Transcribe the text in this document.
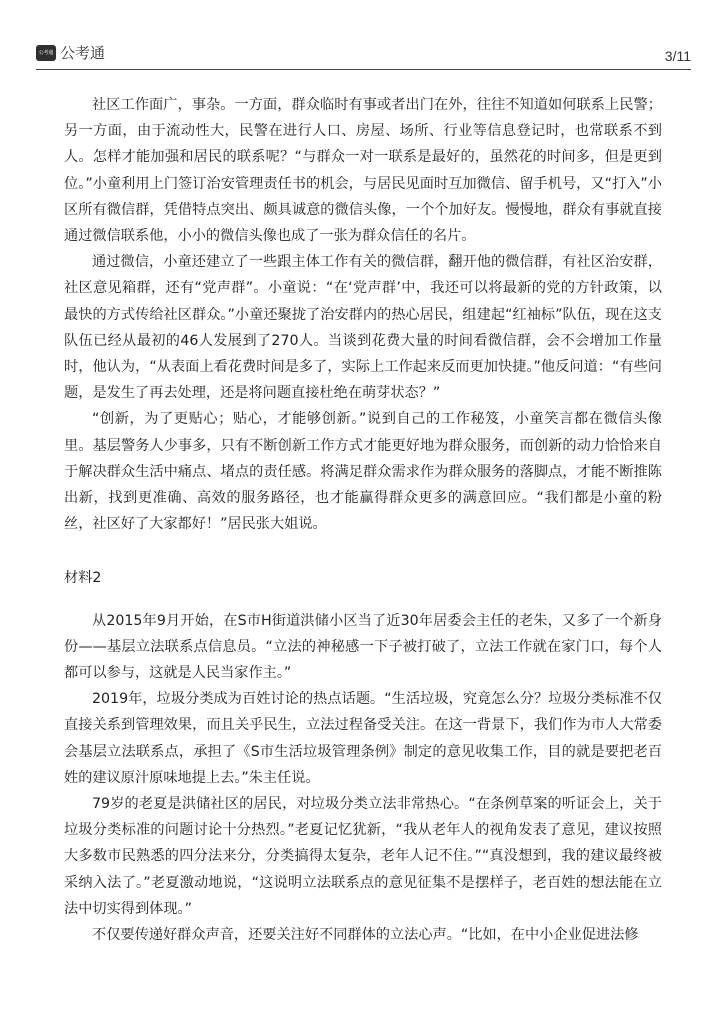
公考通 公考通	3/11

社区工作面广，事杂。一方面，群众临时有事或者出门在外，往往不知道如何联系上民警；另一方面，由于流动性大，民警在进行人口、房屋、场所、行业等信息登记时，也常联系不到人。怎样才能加强和居民的联系呢？“与群众一对一联系是最好的，虽然花的时间多，但是更到位。”小童利用上门签订治安管理责任书的机会，与居民见面时互加微信、留手机号，又“打入”小区所有微信群，凭借特点突出、颇具诚意的微信头像，一个个加好友。慢慢地，群众有事就直接通过微信联系他，小小的微信头像也成了一张为群众信任的名片。

通过微信，小童还建立了一些跟主体工作有关的微信群，翻开他的微信群，有社区治安群，社区意见箱群，还有“党声群”。小童说：“在‘党声群’中，我还可以将最新的党的方针政策，以最快的方式传给社区群众。”小童还聚拢了治安群内的热心居民，组建起“红袖标”队伍，现在这支队伍已经从最初的46人发展到了270人。当谈到花费大量的时间看微信群，会不会增加工作量时，他认为，“从表面上看花费时间是多了，实际上工作起来反而更加快捷。”他反问道：“有些问题，是发生了再去处理，还是将问题直接杜绝在萌芽状态？”

“创新，为了更贴心；贴心，才能够创新。”说到自己的工作秘笈，小童笑言都在微信头像里。基层警务人少事多，只有不断创新工作方式才能更好地为群众服务，而创新的动力恰恰来自于解决群众生活中痛点、堵点的责任感。将满足群众需求作为群众服务的落脚点，才能不断推陈出新，找到更准确、高效的服务路径，也才能赢得群众更多的满意回应。“我们都是小童的粉丝，社区好了大家都好！”居民张大姐说。

材料2

从2015年9月开始，在S市H街道洪储小区当了近30年居委会主任的老朱，又多了一个新身份——基层立法联系点信息员。“立法的神秘感一下子被打破了，立法工作就在家门口，每个人都可以参与，这就是人民当家作主。”

2019年，垃圾分类成为百姓讨论的热点话题。“生活垃圾，究竟怎么分？垃圾分类标准不仅直接关系到管理效果，而且关乎民生，立法过程备受关注。在这一背景下，我们作为市人大常委会基层立法联系点，承担了《S市生活垃圾管理条例》制定的意见收集工作，目的就是要把老百姓的建议原汁原味地提上去。”朱主任说。

79岁的老夏是洪储社区的居民，对垃圾分类立法非常热心。“在条例草案的听证会上，关于垃圾分类标准的问题讨论十分热烈。”老夏记忆犹新，“我从老年人的视角发表了意见，建议按照大多数市民熟悉的四分法来分，分类搞得太复杂，老年人记不住。”“真没想到，我的建议最终被采纳入法了。”老夏激动地说，“这说明立法联系点的意见征集不是摆样子，老百姓的想法能在立法中切实得到体现。”

不仅要传递好群众声音，还要关注好不同群体的立法心声。“比如，在中小企业促进法修
